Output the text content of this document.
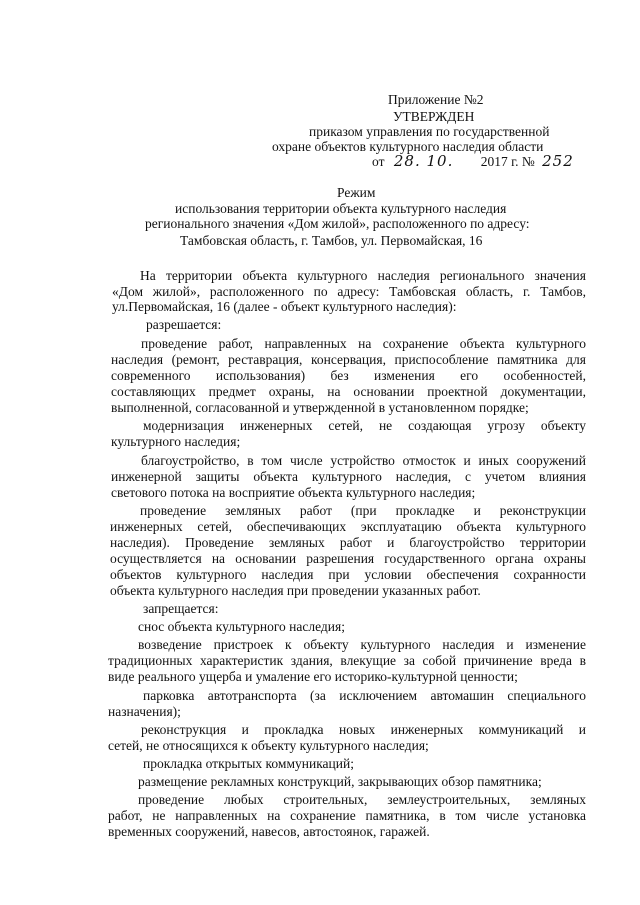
Приложение №2
УТВЕРЖДЕН
приказом управления по государственной
охране объектов культурного наследия области
от 28. 10. 2017 г. № 252
Режим
использования территории объекта культурного наследия
регионального значения «Дом жилой», расположенного по адресу:
Тамбовская область, г. Тамбов, ул. Первомайская, 16
На территории объекта культурного наследия регионального значения
«Дом жилой», расположенного по адресу: Тамбовская область, г. Тамбов,
ул.Первомайская, 16 (далее - объект культурного наследия):
разрешается:
проведение работ, направленных на сохранение объекта культурного
наследия (ремонт, реставрация, консервация, приспособление памятника для
современного использования) без изменения его особенностей,
составляющих предмет охраны, на основании проектной документации,
выполненной, согласованной и утвержденной в установленном порядке;
модернизация инженерных сетей, не создающая угрозу объекту
культурного наследия;
благоустройство, в том числе устройство отмосток и иных сооружений
инженерной защиты объекта культурного наследия, с учетом влияния
светового потока на восприятие объекта культурного наследия;
проведение земляных работ (при прокладке и реконструкции
инженерных сетей, обеспечивающих эксплуатацию объекта культурного
наследия). Проведение земляных работ и благоустройство территории
осуществляется на основании разрешения государственного органа охраны
объектов культурного наследия при условии обеспечения сохранности
объекта культурного наследия при проведении указанных работ.
запрещается:
снос объекта культурного наследия;
возведение пристроек к объекту культурного наследия и изменение
традиционных характеристик здания, влекущие за собой причинение вреда в
виде реального ущерба и умаление его историко-культурной ценности;
парковка автотранспорта (за исключением автомашин специального
назначения);
реконструкция и прокладка новых инженерных коммуникаций и
сетей, не относящихся к объекту культурного наследия;
прокладка открытых коммуникаций;
размещение рекламных конструкций, закрывающих обзор памятника;
проведение любых строительных, землеустроительных, земляных
работ, не направленных на сохранение памятника, в том числе установка
временных сооружений, навесов, автостоянок, гаражей.
